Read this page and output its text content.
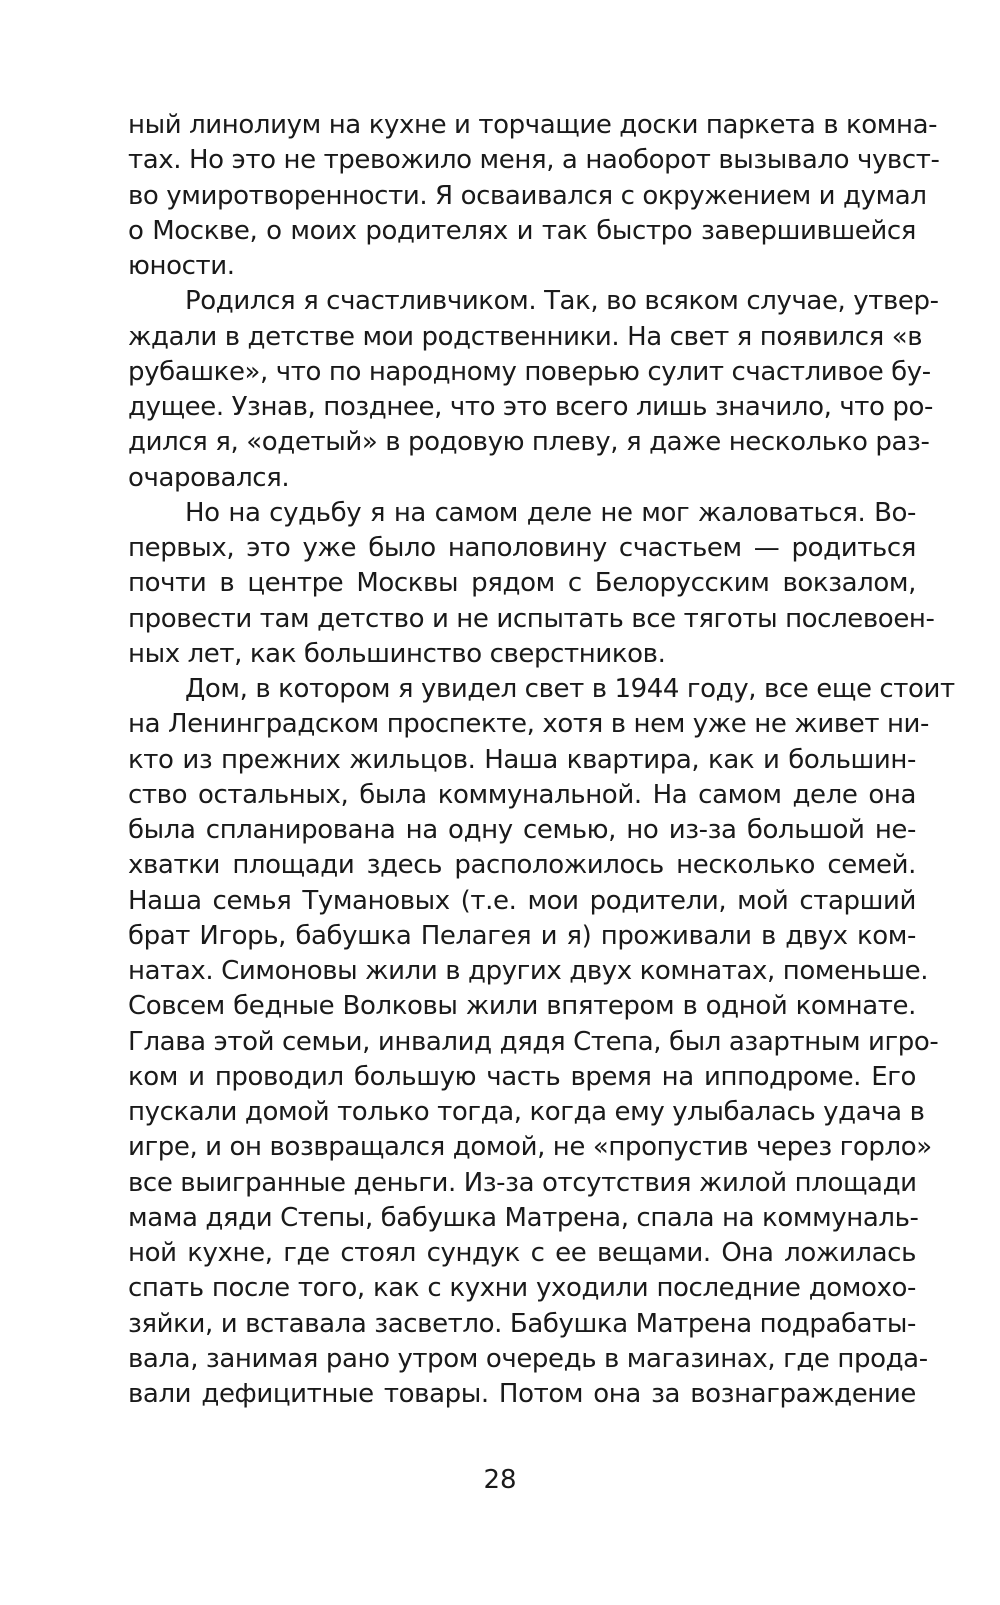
ный линолиум на кухне и торчащие доски паркета в комна-
тах. Но это не тревожило меня, а наоборот вызывало чувст-
во умиротворенности. Я осваивался с окружением и думал
о Москве, о моих родителях и так быстро завершившейся
юности.
Родился я счастливчиком. Так, во всяком случае, утвер-
ждали в детстве мои родственники. На свет я появился «в
рубашке», что по народному поверью сулит счастливое бу-
дущее. Узнав, позднее, что это всего лишь значило, что ро-
дился я, «одетый» в родовую плеву, я даже несколько раз-
очаровался.
Но на судьбу я на самом деле не мог жаловаться. Во-
первых, это уже было наполовину счастьем — родиться
почти в центре Москвы рядом с Белорусским вокзалом,
провести там детство и не испытать все тяготы послевоен-
ных лет, как большинство сверстников.
Дом, в котором я увидел свет в 1944 году, все еще стоит
на Ленинградском проспекте, хотя в нем уже не живет ни-
кто из прежних жильцов. Наша квартира, как и большин-
ство остальных, была коммунальной. На самом деле она
была спланирована на одну семью, но из-за большой не-
хватки площади здесь расположилось несколько семей.
Наша семья Тумановых (т.е. мои родители, мой старший
брат Игорь, бабушка Пелагея и я) проживали в двух ком-
натах. Симоновы жили в других двух комнатах, поменьше.
Совсем бедные Волковы жили впятером в одной комнате.
Глава этой семьи, инвалид дядя Степа, был азартным игро-
ком и проводил большую часть время на ипподроме. Его
пускали домой только тогда, когда ему улыбалась удача в
игре, и он возвращался домой, не «пропустив через горло»
все выигранные деньги. Из-за отсутствия жилой площади
мама дяди Степы, бабушка Матрена, спала на коммуналь-
ной кухне, где стоял сундук с ее вещами. Она ложилась
спать после того, как с кухни уходили последние домохо-
зяйки, и вставала засветло. Бабушка Матрена подрабаты-
вала, занимая рано утром очередь в магазинах, где прода-
вали дефицитные товары. Потом она за вознаграждение
28
